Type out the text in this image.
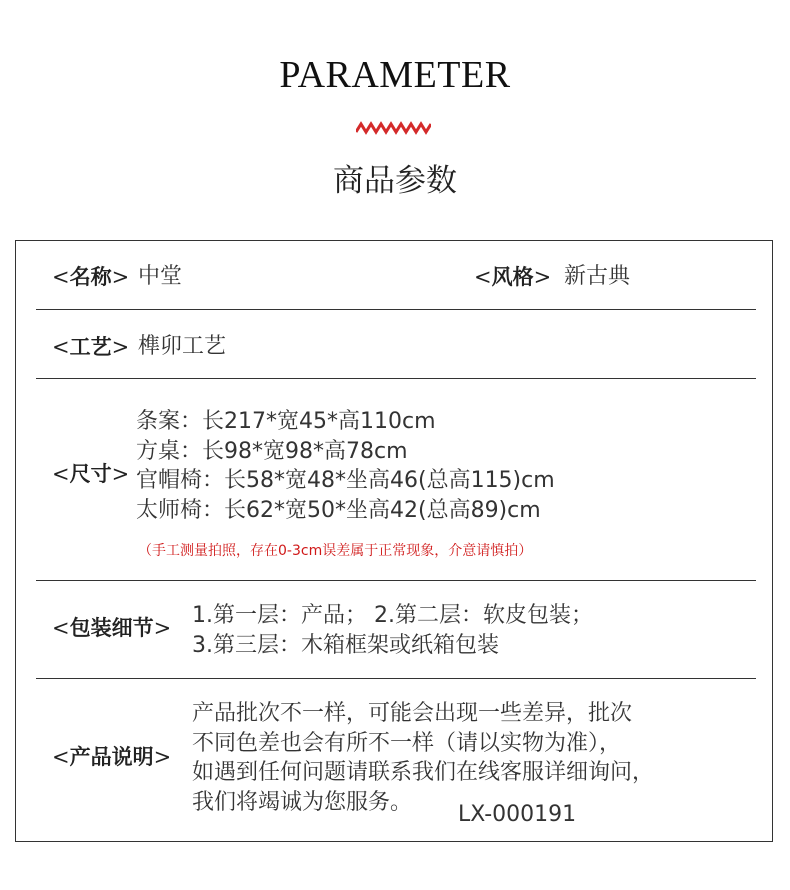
PARAMETER
商品参数
<名称> 中堂	<风格> 新古典
<工艺> 榫卯工艺
<尺寸>
条案：长217*宽45*高110cm
方桌：长98*宽98*高78cm
官帽椅：长58*宽48*坐高46(总高115)cm
太师椅：长62*宽50*坐高42(总高89)cm
（手工测量拍照，存在0-3cm误差属于正常现象，介意请慎拍）
<包装细节> 1.第一层：产品； 2.第二层：软皮包装；
3.第三层：木箱框架或纸箱包装
<产品说明>
产品批次不一样，可能会出现一些差异，批次
不同色差也会有所不一样（请以实物为准），
如遇到任何问题请联系我们在线客服详细询问，
我们将竭诚为您服务。	LX-000191
